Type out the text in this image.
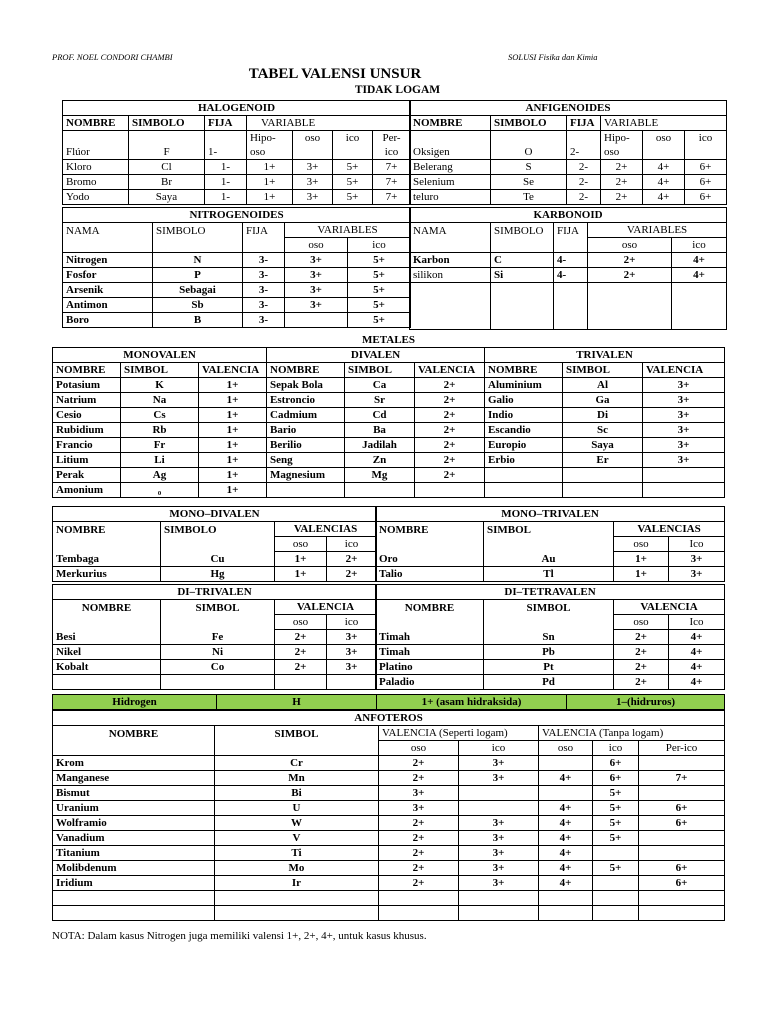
PROF. NOEL CONDORI CHAMBI	SOLUSI Fisika dan Kimia
TABEL VALENSI UNSUR
TIDAK LOGAM
HALOGENOID						
NOMBRE	SIMBOLO	FIJA	VARIABLE			
			Hipo-	oso	ico	Per-
Flúor	F	1-	oso			ico
Kloro	Cl	1-	1+	3+	5+	7+
Bromo	Br	1-	1+	3+	5+	7+
Yodo	Saya	1-	1+	3+	5+	7+
ANFIGENOIDES					
NOMBRE	SIMBOLO	FIJA	VARIABLE		
			Hipo-	oso	ico
Oksigen	O	2-	oso		
Belerang	S	2-	2+	4+	6+
Selenium	Se	2-	2+	4+	6+
teluro	Te	2-	2+	4+	6+
NITROGENOIDES				
NAMA	SIMBOLO	FIJA	VARIABLES	
			oso	ico
Nitrogen	N	3-	3+	5+
Fosfor	P	3-	3+	5+
Arsenik	Sebagai	3-	3+	5+
Antimon	Sb	3-	3+	5+
Boro	B	3-		5+
KARBONOID				
NAMA	SIMBOLO	FIJA	VARIABLES	
			oso	ico
Karbon	C	4-	2+	4+
silikon	Si	4-	2+	4+

METALES								
MONOVALEN			DIVALEN			TRIVALEN		
NOMBRE	SIMBOL	VALENCIA	NOMBRE	SIMBOL	VALENCIA	NOMBRE	SIMBOL	VALENCIA
Potasium	K	1+	Sepak Bola	Ca	2+	Aluminium	Al	3+
Natrium	Na	1+	Estroncio	Sr	2+	Galio	Ga	3+
Cesio	Cs	1+	Cadmium	Cd	2+	Indio	Di	3+
Rubidium	Rb	1+	Bario	Ba	2+	Escandio	Sc	3+
Francio	Fr	1+	Berilio	Jadilah	2+	Europio	Saya	3+
Litium	Li	1+	Seng	Zn	2+	Erbio	Er	3+
Perak	Ag	1+	Magnesium	Mg	2+			
Amonium	₀	1+						
MONO–DIVALEN			
NOMBRE	SIMBOLO	VALENCIAS	
		oso	ico
Tembaga	Cu	1+	2+
Merkurius	Hg	1+	2+
MONO–TRIVALEN			
NOMBRE	SIMBOL	VALENCIAS	
		oso	Ico
Oro	Au	1+	3+
Talio	Tl	1+	3+
DI–TRIVALEN			
NOMBRE	SIMBOL	VALENCIA	
		oso	ico
Besi	Fe	2+	3+
Nikel	Ni	2+	3+
Kobalt	Co	2+	3+

DI–TETRAVALEN			
NOMBRE	SIMBOL	VALENCIA	
		oso	Ico
Timah	Sn	2+	4+
Timah	Pb	2+	4+
Platino	Pt	2+	4+
Paladio	Pd	2+	4+
Hidrogen	H	1+ (asam hidraksida)	1–(hidruros)
ANFOTEROS						
NOMBRE	SIMBOL	VALENCIA (Seperti logam)		VALENCIA (Tanpa logam)		
		oso	ico	oso	ico	Per-ico
Krom	Cr	2+	3+		6+	
Manganese	Mn	2+	3+	4+	6+	7+
Bismut	Bi	3+			5+	
Uranium	U	3+		4+	5+	6+
Wolframio	W	2+	3+	4+	5+	6+
Vanadium	V	2+	3+	4+	5+	
Titanium	Ti	2+	3+	4+		
Molibdenum	Mo	2+	3+	4+	5+	6+
Iridium	Ir	2+	3+	4+		6+

NOTA: Dalam kasus Nitrogen juga memiliki valensi 1+, 2+, 4+, untuk kasus khusus.
